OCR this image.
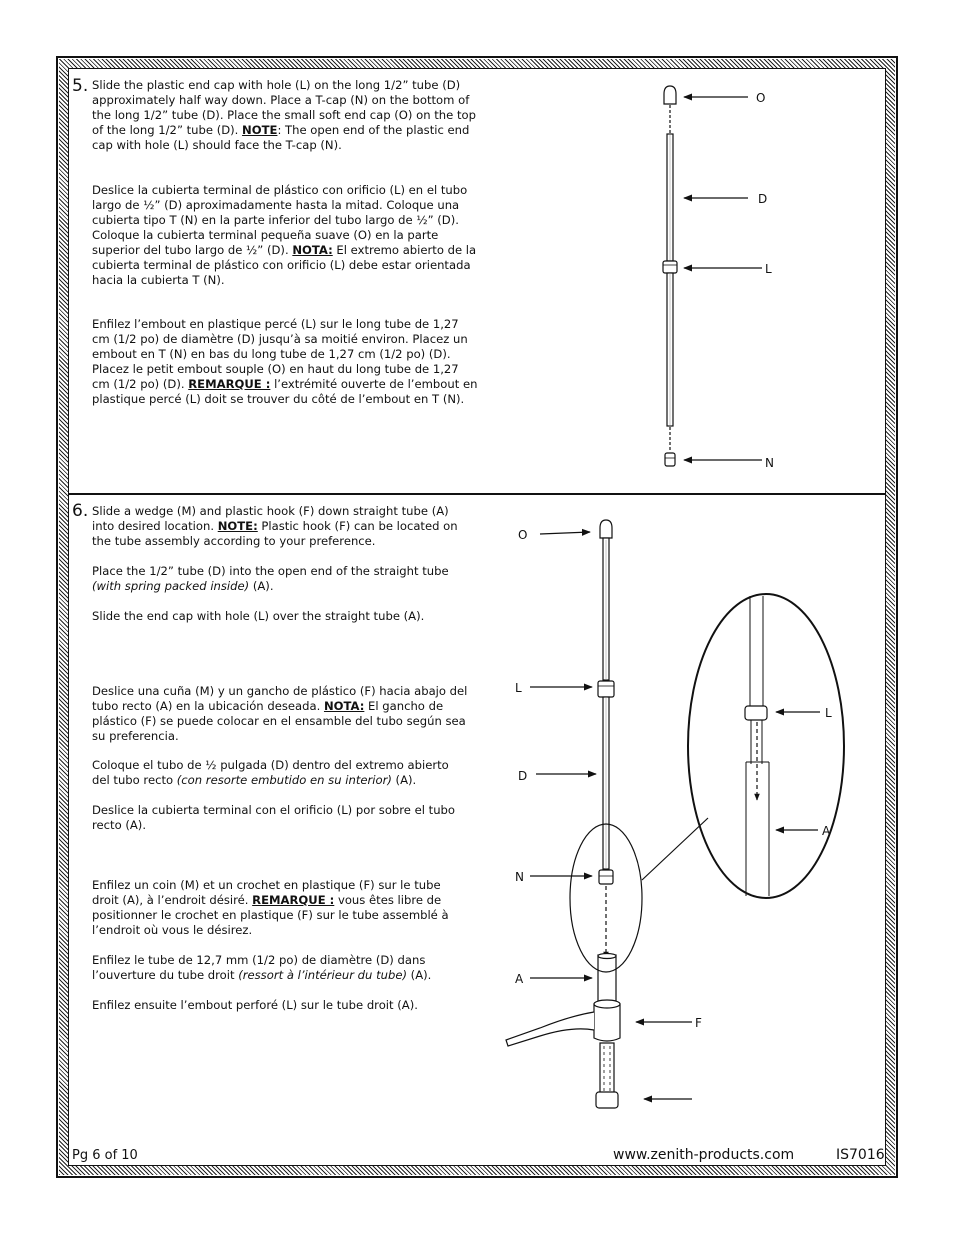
5. Slide the plastic end cap with hole (L) on the long 1/2” tube (D) approximately half way down. Place a T-cap (N) on the bottom of the long 1/2” tube (D). Place the small soft end cap (O) on the top of the long 1/2” tube (D). NOTE: The open end of the plastic end cap with hole (L) should face the T-cap (N).

Deslice la cubierta terminal de plástico con orificio (L) en el tubo largo de ½” (D) aproximadamente hasta la mitad. Coloque una cubierta tipo T (N) en la parte inferior del tubo largo de ½” (D). Coloque la cubierta terminal pequeña suave (O) en la parte superior del tubo largo de ½” (D). NOTA: El extremo abierto de la cubierta terminal de plástico con orificio (L) debe estar orientada hacia la cubierta T (N).

Enfilez l’embout en plastique percé (L) sur le long tube de 1,27 cm (1/2 po) de diamètre (D) jusqu’à sa moitié environ. Placez un embout en T (N) en bas du long tube de 1,27 cm (1/2 po) (D). Placez le petit embout souple (O) en haut du long tube de 1,27 cm (1/2 po) (D). REMARQUE : l’extrémité ouverte de l’embout en plastique percé (L) doit se trouver du côté de l’embout en T (N).

6. Slide a wedge (M) and plastic hook (F) down straight tube (A) into desired location. NOTE: Plastic hook (F) can be located on the tube assembly according to your preference.

Place the 1/2” tube (D) into the open end of the straight tube (with spring packed inside) (A).

Slide the end cap with hole (L) over the straight tube (A).

Deslice una cuña (M) y un gancho de plástico (F) hacia abajo del tubo recto (A) en la ubicación deseada. NOTA: El gancho de plástico (F) se puede colocar en el ensamble del tubo según sea su preferencia.

Coloque el tubo de ½ pulgada (D) dentro del extremo abierto del tubo recto (con resorte embutido en su interior) (A).

Deslice la cubierta terminal con el orificio (L) por sobre el tubo recto (A).

Enfilez un coin (M) et un crochet en plastique (F) sur le tube droit (A), à l’endroit désiré. REMARQUE : vous êtes libre de positionner le crochet en plastique (F) sur le tube assemblé à l’endroit où vous le désirez.

Enfilez le tube de 12,7 mm (1/2 po) de diamètre (D) dans l’ouverture du tube droit (ressort à l’intérieur du tube) (A).

Enfilez ensuite l’embout perforé (L) sur le tube droit (A).

Pg 6 of 10	www.zenith-products.com	IS7016
O
D
L
N
O
L
D
N
A
F
L
A
